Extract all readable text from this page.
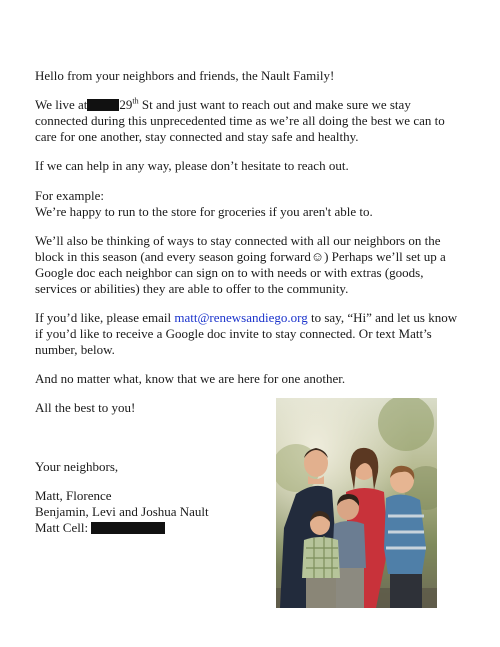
Hello from your neighbors and friends, the Nault Family!

We live at 29th St and just want to reach out and make sure we stay

connected during this unprecedented time as we’re all doing the best we can to

care for one another, stay connected and stay safe and healthy.

If we can help in any way, please don’t hesitate to reach out.

For example:

We’re happy to run to the store for groceries if you aren't able to.

We’ll also be thinking of ways to stay connected with all our neighbors on the

block in this season (and every season going forward☺) Perhaps we’ll set up a

Google doc each neighbor can sign on to with needs or with extras (goods,

services or abilities) they are able to offer to the community.

If you’d like, please email matt@renewsandiego.org to say, “Hi” and let us know

if you’d like to receive a Google doc invite to stay connected. Or text Matt’s

number, below.

And no matter what, know that we are here for one another.

All the best to you!

Your neighbors,

Matt, Florence

Benjamin, Levi and Joshua Nault

Matt Cell:
